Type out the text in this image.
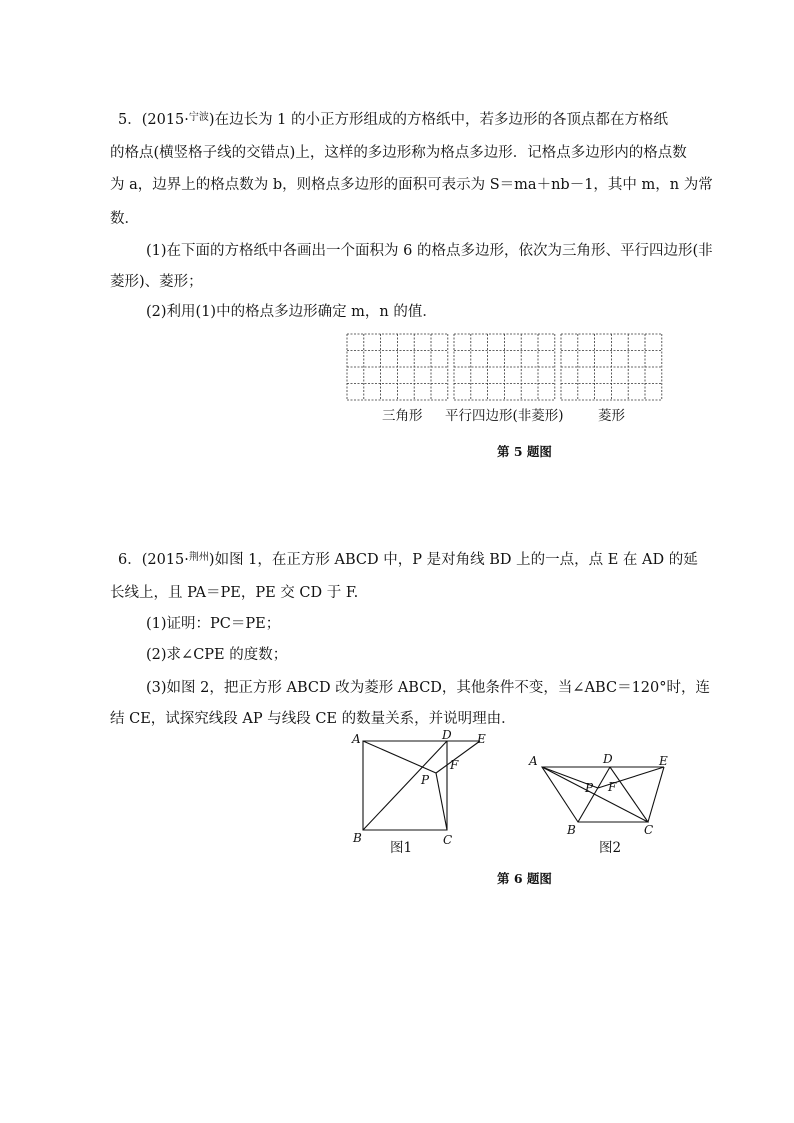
5．(2015·$^{宁波}$)在边长为 1 的小正方形组成的方格纸中，若多边形的各顶点都在方格纸
的格点(横竖格子线的交错点)上，这样的多边形称为格点多边形．记格点多边形内的格点数
为 a，边界上的格点数为 b，则格点多边形的面积可表示为 S＝ma＋nb－1，其中 m，n 为常
数．
(1)在下面的方格纸中各画出一个面积为 6 的格点多边形，依次为三角形、平行四边形(非
菱形)、菱形；
(2)利用(1)中的格点多边形确定 m，n 的值．
三角形 平行四边形(非菱形)	菱形
第 5 题图
6．(2015·$^{荆州}$)如图 1，在正方形 ABCD 中，P 是对角线 BD 上的一点，点 E 在 AD 的延
长线上，且 PA＝PE，PE 交 CD 于 F.
(1)证明：PC＝PE；
(2)求∠CPE 的度数；
(3)如图 2，把正方形 ABCD 改为菱形 ABCD，其他条件不变，当∠ABC＝120°时，连
结 CE，试探究线段 AP 与线段 CE 的数量关系，并说明理由．
A
B	C
D E
F
P
图1
A
B	C
D	E
F
P
图2
第 6 题图
